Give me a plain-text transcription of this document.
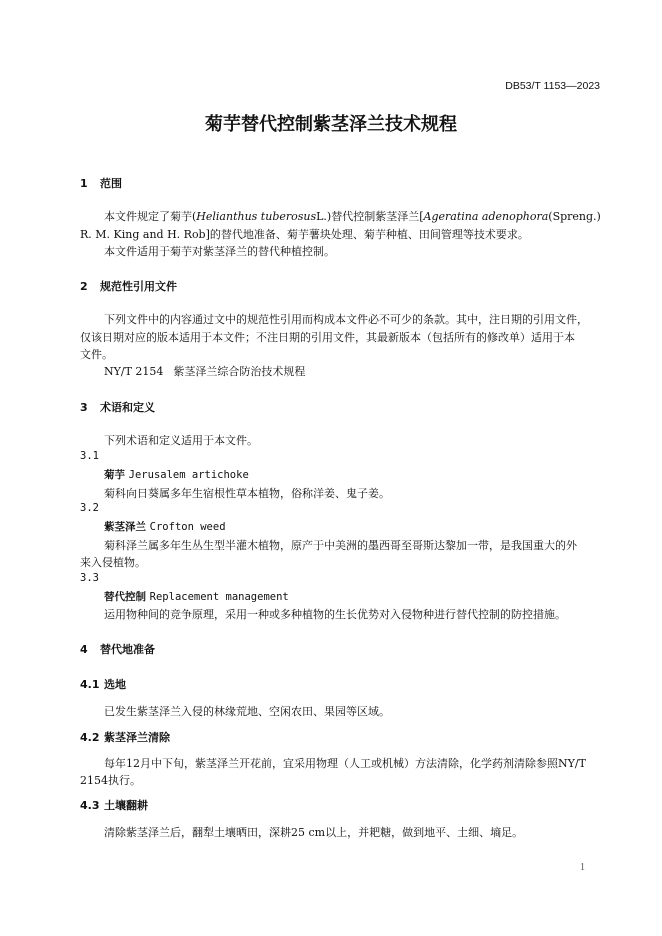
DB53/T 1153—2023
菊芋替代控制紫茎泽兰技术规程
1 范围
本文件规定了菊芋(Helianthus tuberosusL.)替代控制紫茎泽兰[Ageratina adenophora(Spreng.)
R. M. King and H. Rob]的替代地准备、菊芋薯块处理、菊芋种植、田间管理等技术要求。
本文件适用于菊芋对紫茎泽兰的替代种植控制。
2 规范性引用文件
下列文件中的内容通过文中的规范性引用而构成本文件必不可少的条款。其中，注日期的引用文件，
仅该日期对应的版本适用于本文件；不注日期的引用文件，其最新版本（包括所有的修改单）适用于本
文件。
NY/T 2154 紫茎泽兰综合防治技术规程
3 术语和定义
下列术语和定义适用于本文件。
3.1
菊芋 Jerusalem artichoke
菊科向日葵属多年生宿根性草本植物，俗称洋姜、鬼子姜。
3.2
紫茎泽兰 Crofton weed
菊科泽兰属多年生丛生型半灌木植物，原产于中美洲的墨西哥至哥斯达黎加一带，是我国重大的外
来入侵植物。
3.3
替代控制 Replacement management
运用物种间的竞争原理，采用一种或多种植物的生长优势对入侵物种进行替代控制的防控措施。
4 替代地准备
4.1 选地
已发生紫茎泽兰入侵的林缘荒地、空闲农田、果园等区域。
4.2 紫茎泽兰清除
每年12月中下旬，紫茎泽兰开花前，宜采用物理（人工或机械）方法清除，化学药剂清除参照NY/T
2154执行。
4.3 土壤翻耕
清除紫茎泽兰后，翻犁土壤晒田，深耕25 cm以上，并耙糖，做到地平、土细、墒足。
1
